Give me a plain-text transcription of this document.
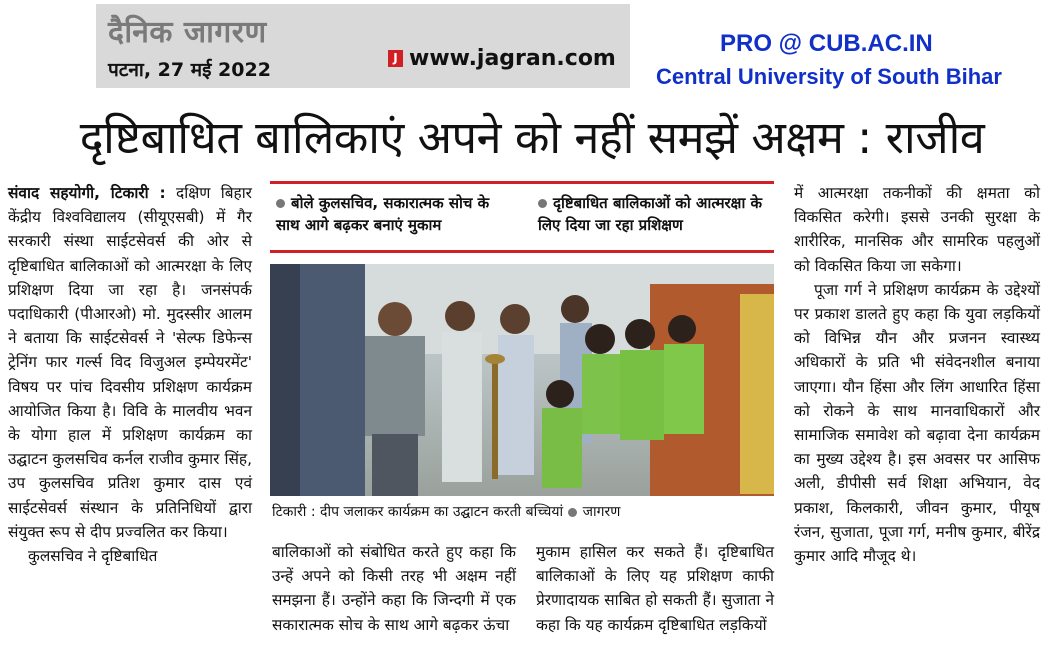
दैनिक जागरण
पटना, 27 मई 2022
J www.jagran.com
PRO @ CUB.AC.IN
Central University of South Bihar
दृष्टिबाधित बालिकाएं अपने को नहीं समझें अक्षम : राजीव

संवाद सहयोगी, टिकारी : दक्षिण बिहार केंद्रीय विश्वविद्यालय (सीयूएसबी) में गैर सरकारी संस्था साईटसेवर्स की ओर से दृष्टिबाधित बालिकाओं को आत्मरक्षा के लिए प्रशिक्षण दिया जा रहा है। जनसंपर्क पदाधिकारी (पीआरओ) मो. मुदस्सीर आलम ने बताया कि साईटसेवर्स ने 'सेल्फ डिफेन्स ट्रेनिंग फार गर्ल्स विद विजुअल इम्पेयरमेंट' विषय पर पांच दिवसीय प्रशिक्षण कार्यक्रम आयोजित किया है। विवि के मालवीय भवन के योगा हाल में प्रशिक्षण कार्यक्रम का उद्घाटन कुलसचिव कर्नल राजीव कुमार सिंह, उप कुलसचिव प्रतिश कुमार दास एवं साईटसेवर्स संस्थान के प्रतिनिधियों द्वारा संयुक्त रूप से दीप प्रज्वलित कर किया।

कुलसचिव ने दृष्टिबाधित

बोले कुलसचिव, सकारात्मक सोच के साथ आगे बढ़कर बनाएं मुकाम
दृष्टिबाधित बालिकाओं को आत्मरक्षा के लिए दिया जा रहा प्रशिक्षण
टिकारी : दीप जलाकर कार्यक्रम का उद्घाटन करती बच्चियां जागरण

बालिकाओं को संबोधित करते हुए कहा कि उन्हें अपने को किसी तरह भी अक्षम नहीं समझना हैं। उन्होंने कहा कि जिन्दगी में एक सकारात्मक सोच के साथ आगे बढ़कर ऊंचा

मुकाम हासिल कर सकते हैं। दृष्टिबाधित बालिकाओं के लिए यह प्रशिक्षण काफी प्रेरणादायक साबित हो सकती हैं। सुजाता ने कहा कि यह कार्यक्रम दृष्टिबाधित लड़कियों

में आत्मरक्षा तकनीकों की क्षमता को विकसित करेगी। इससे उनकी सुरक्षा के शारीरिक, मानसिक और सामरिक पहलुओं को विकसित किया जा सकेगा।

पूजा गर्ग ने प्रशिक्षण कार्यक्रम के उद्देश्यों पर प्रकाश डालते हुए कहा कि युवा लड़कियों को विभिन्न यौन और प्रजनन स्वास्थ्य अधिकारों के प्रति भी संवेदनशील बनाया जाएगा। यौन हिंसा और लिंग आधारित हिंसा को रोकने के साथ मानवाधिकारों और सामाजिक समावेश को बढ़ावा देना कार्यक्रम का मुख्य उद्देश्य है। इस अवसर पर आसिफ अली, डीपीसी सर्व शिक्षा अभियान, वेद प्रकाश, किलकारी, जीवन कुमार, पीयूष रंजन, सुजाता, पूजा गर्ग, मनीष कुमार, बीरेंद्र कुमार आदि मौजूद थे।
